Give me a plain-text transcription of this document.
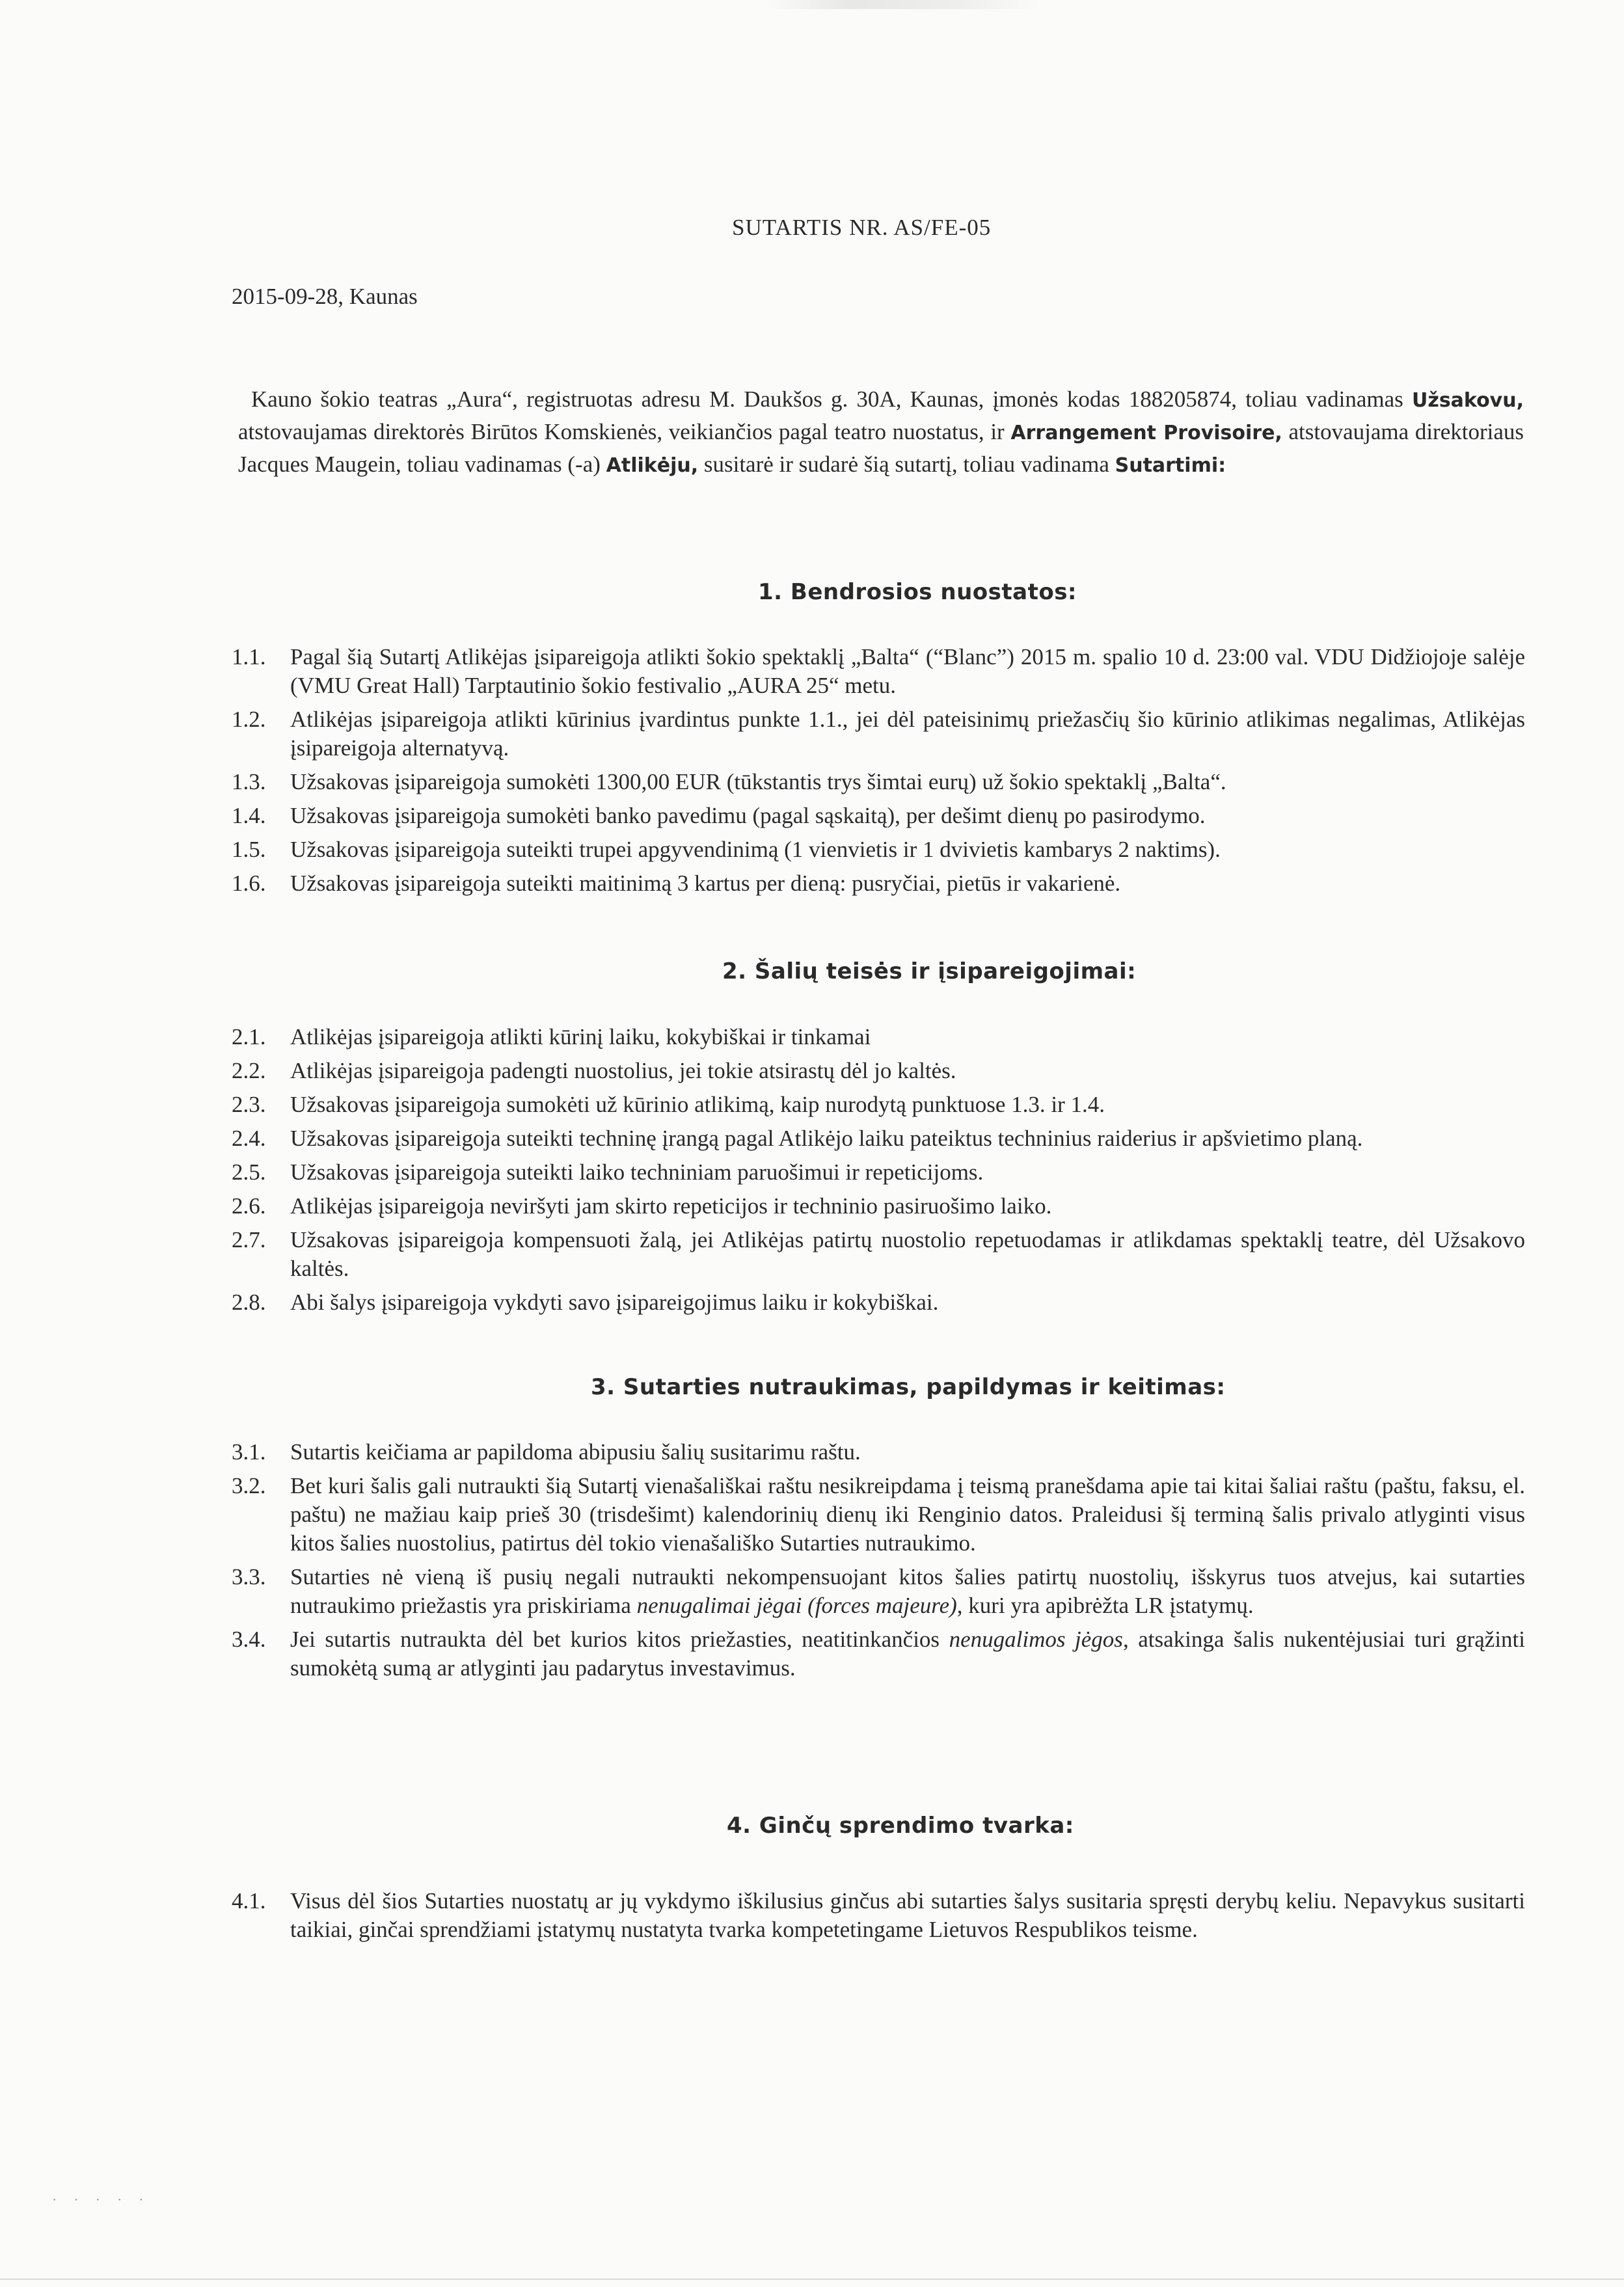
SUTARTIS NR. AS/FE-05
2015-09-28, Kaunas
Kauno šokio teatras „Aura“, registruotas adresu M. Daukšos g. 30A, Kaunas, įmonės kodas 188205874, toliau vadinamas Užsakovu, atstovaujamas direktorės Birūtos Komskienės, veikiančios pagal teatro nuostatus, ir Arrangement Provisoire, atstovaujama direktoriaus Jacques Maugein, toliau vadinamas (-a) Atlikėju, susitarė ir sudarė šią sutartį, toliau vadinama Sutartimi:
1. Bendrosios nuostatos:
1.1. Pagal šią Sutartį Atlikėjas įsipareigoja atlikti šokio spektaklį „Balta“ (“Blanc”) 2015 m. spalio 10 d. 23:00 val. VDU Didžiojoje salėje (VMU Great Hall) Tarptautinio šokio festivalio „AURA 25“ metu.
1.2. Atlikėjas įsipareigoja atlikti kūrinius įvardintus punkte 1.1., jei dėl pateisinimų priežasčių šio kūrinio atlikimas negalimas, Atlikėjas įsipareigoja alternatyvą.
1.3. Užsakovas įsipareigoja sumokėti 1300,00 EUR (tūkstantis trys šimtai eurų) už šokio spektaklį „Balta“.
1.4. Užsakovas įsipareigoja sumokėti banko pavedimu (pagal sąskaitą), per dešimt dienų po pasirodymo.
1.5. Užsakovas įsipareigoja suteikti trupei apgyvendinimą (1 vienvietis ir 1 dvivietis kambarys 2 naktims).
1.6. Užsakovas įsipareigoja suteikti maitinimą 3 kartus per dieną: pusryčiai, pietūs ir vakarienė.
2. Šalių teisės ir įsipareigojimai:
2.1. Atlikėjas įsipareigoja atlikti kūrinį laiku, kokybiškai ir tinkamai
2.2. Atlikėjas įsipareigoja padengti nuostolius, jei tokie atsirastų dėl jo kaltės.
2.3. Užsakovas įsipareigoja sumokėti už kūrinio atlikimą, kaip nurodytą punktuose 1.3. ir 1.4.
2.4. Užsakovas įsipareigoja suteikti techninę įrangą pagal Atlikėjo laiku pateiktus techninius raiderius ir apšvietimo planą.
2.5. Užsakovas įsipareigoja suteikti laiko techniniam paruošimui ir repeticijoms.
2.6. Atlikėjas įsipareigoja neviršyti jam skirto repeticijos ir techninio pasiruošimo laiko.
2.7. Užsakovas įsipareigoja kompensuoti žalą, jei Atlikėjas patirtų nuostolio repetuodamas ir atlikdamas spektaklį teatre, dėl Užsakovo kaltės.
2.8. Abi šalys įsipareigoja vykdyti savo įsipareigojimus laiku ir kokybiškai.
3. Sutarties nutraukimas, papildymas ir keitimas:
3.1. Sutartis keičiama ar papildoma abipusiu šalių susitarimu raštu.
3.2. Bet kuri šalis gali nutraukti šią Sutartį vienašališkai raštu nesikreipdama į teismą pranešdama apie tai kitai šaliai raštu (paštu, faksu, el. paštu) ne mažiau kaip prieš 30 (trisdešimt) kalendorinių dienų iki Renginio datos. Praleidusi šį terminą šalis privalo atlyginti visus kitos šalies nuostolius, patirtus dėl tokio vienašališko Sutarties nutraukimo.
3.3. Sutarties nė vieną iš pusių negali nutraukti nekompensuojant kitos šalies patirtų nuostolių, išskyrus tuos atvejus, kai sutarties nutraukimo priežastis yra priskiriama nenugalimai jėgai (forces majeure), kuri yra apibrėžta LR įstatymų.
3.4. Jei sutartis nutraukta dėl bet kurios kitos priežasties, neatitinkančios nenugalimos jėgos, atsakinga šalis nukentėjusiai turi grąžinti sumokėtą sumą ar atlyginti jau padarytus investavimus.
4. Ginčų sprendimo tvarka:
4.1. Visus dėl šios Sutarties nuostatų ar jų vykdymo iškilusius ginčus abi sutarties šalys susitaria spręsti derybų keliu. Nepavykus susitarti taikiai, ginčai sprendžiami įstatymų nustatyta tvarka kompetetingame Lietuvos Respublikos teisme.
·····
